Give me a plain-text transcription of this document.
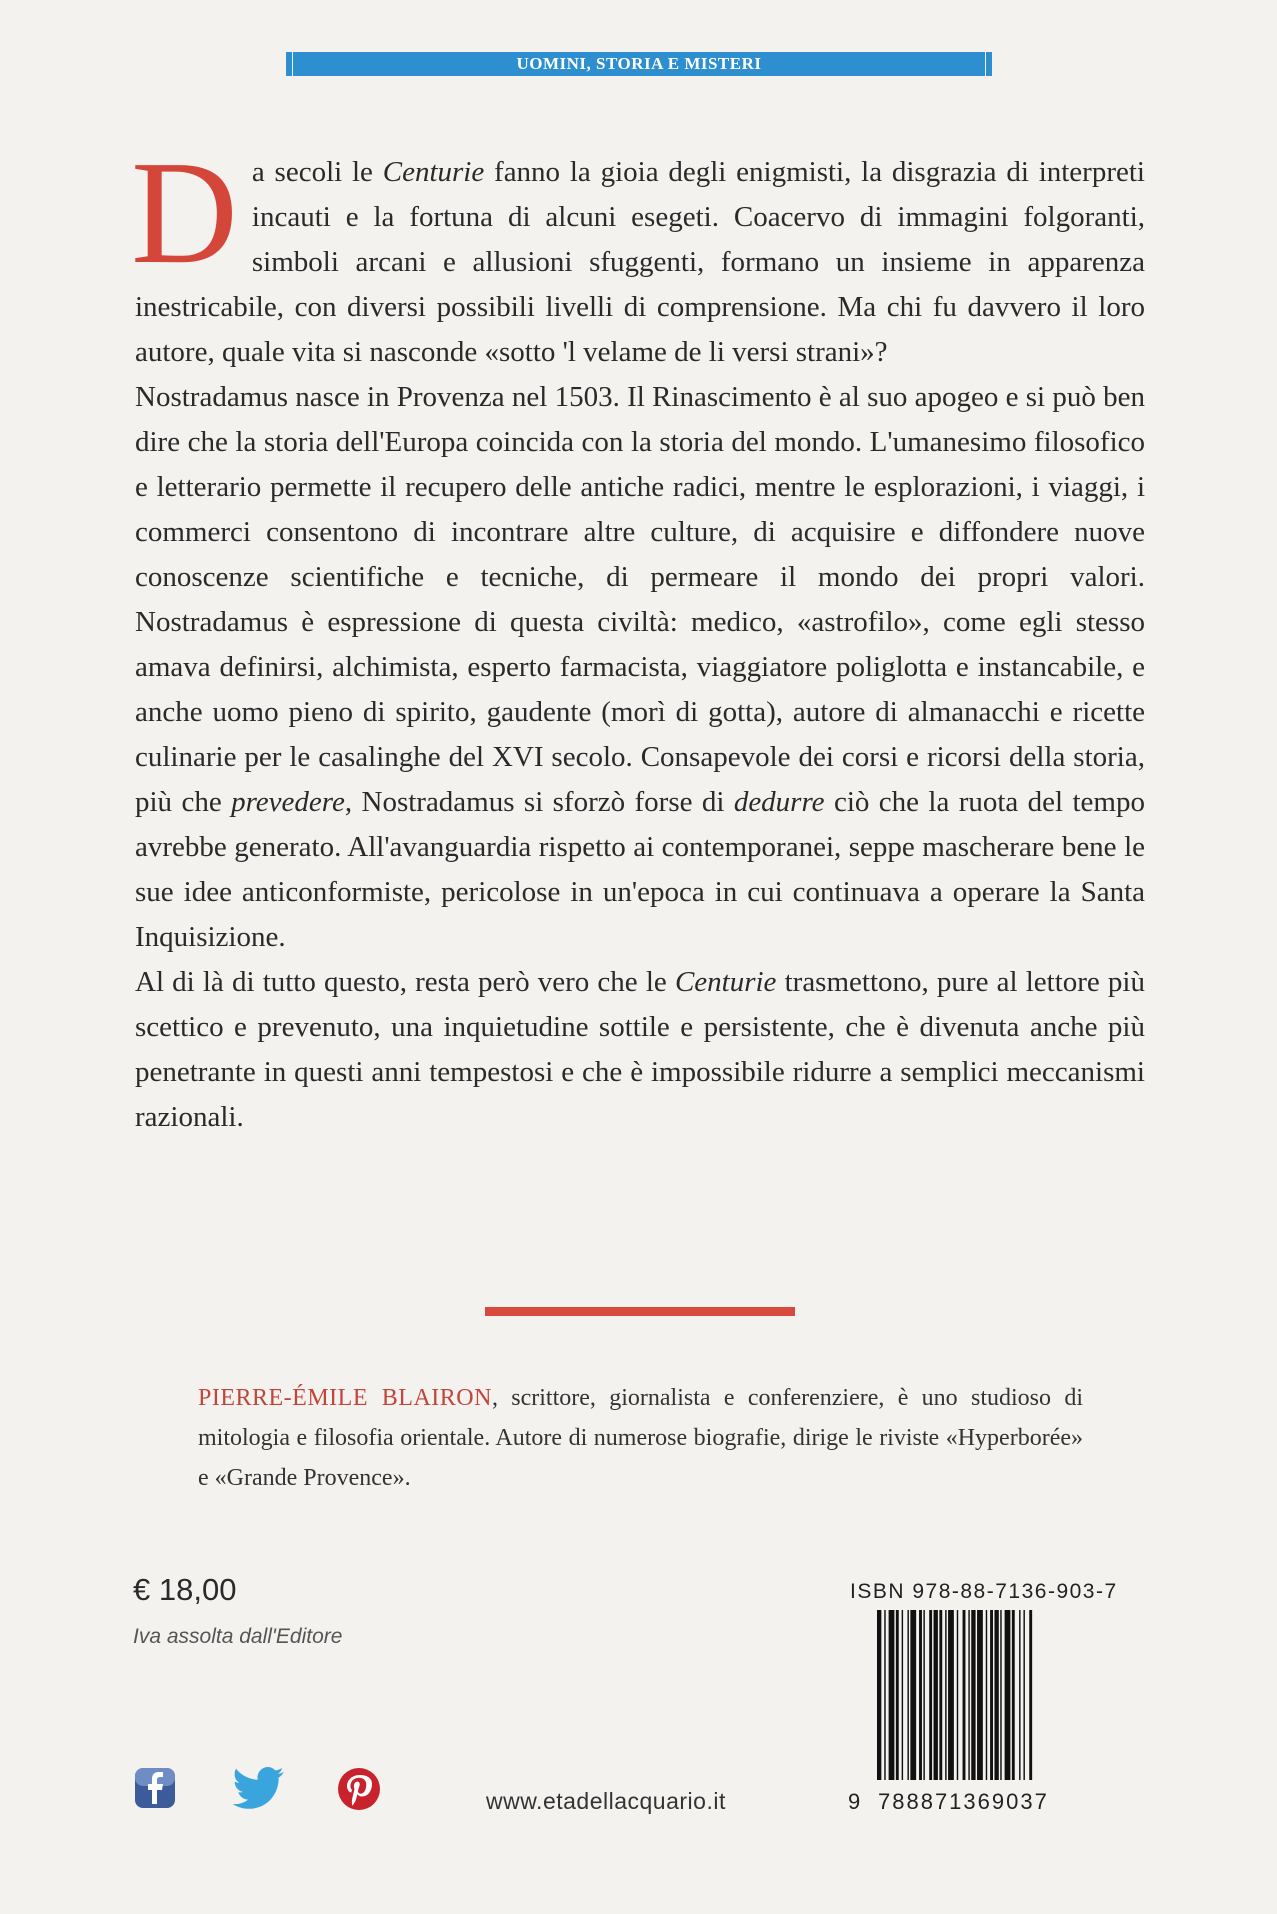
UOMINI, STORIA E MISTERI

Da secoli le Centurie fanno la gioia degli enigmisti, la disgrazia di interpreti incauti e la fortuna di alcuni esegeti. Coacervo di immagini folgoranti, simboli arcani e allusioni sfuggenti, formano un insieme in apparenza inestricabile, con diversi possibili livelli di comprensione. Ma chi fu davvero il loro autore, quale vita si nasconde «sotto 'l velame de li versi strani»?

Nostradamus nasce in Provenza nel 1503. Il Rinascimento è al suo apogeo e si può ben dire che la storia dell'Europa coincida con la storia del mondo. L'umanesimo filosofico e letterario permette il recupero delle antiche radici, mentre le esplorazioni, i viaggi, i commerci consentono di incontrare altre culture, di acquisire e diffondere nuove conoscenze scientifiche e tecniche, di permeare il mondo dei propri valori. Nostradamus è espressione di questa civiltà: medico, «astrofilo», come egli stesso amava definirsi, alchimista, esperto farmacista, viaggiatore poliglotta e instancabile, e anche uomo pieno di spirito, gaudente (morì di gotta), autore di almanacchi e ricette culinarie per le casalinghe del XVI secolo. Consapevole dei corsi e ricorsi della storia, più che prevedere, Nostradamus si sforzò forse di dedurre ciò che la ruota del tempo avrebbe generato. All'avanguardia rispetto ai contemporanei, seppe mascherare bene le sue idee anticonformiste, pericolose in un'epoca in cui continuava a operare la Santa Inquisizione.

Al di là di tutto questo, resta però vero che le Centurie trasmettono, pure al lettore più scettico e prevenuto, una inquietudine sottile e persistente, che è divenuta anche più penetrante in questi anni tempestosi e che è impossibile ridurre a semplici meccanismi razionali.

PIERRE-ÉMILE BLAIRON, scrittore, giornalista e conferenziere, è uno studioso di mitologia e filosofia orientale. Autore di numerose biografie, dirige le riviste «Hyperborée» e «Grande Provence».
€ 18,00
Iva assolta dall'Editore
ISBN 978-88-7136-903-7
9 788871369037
www.etadellacquario.it
